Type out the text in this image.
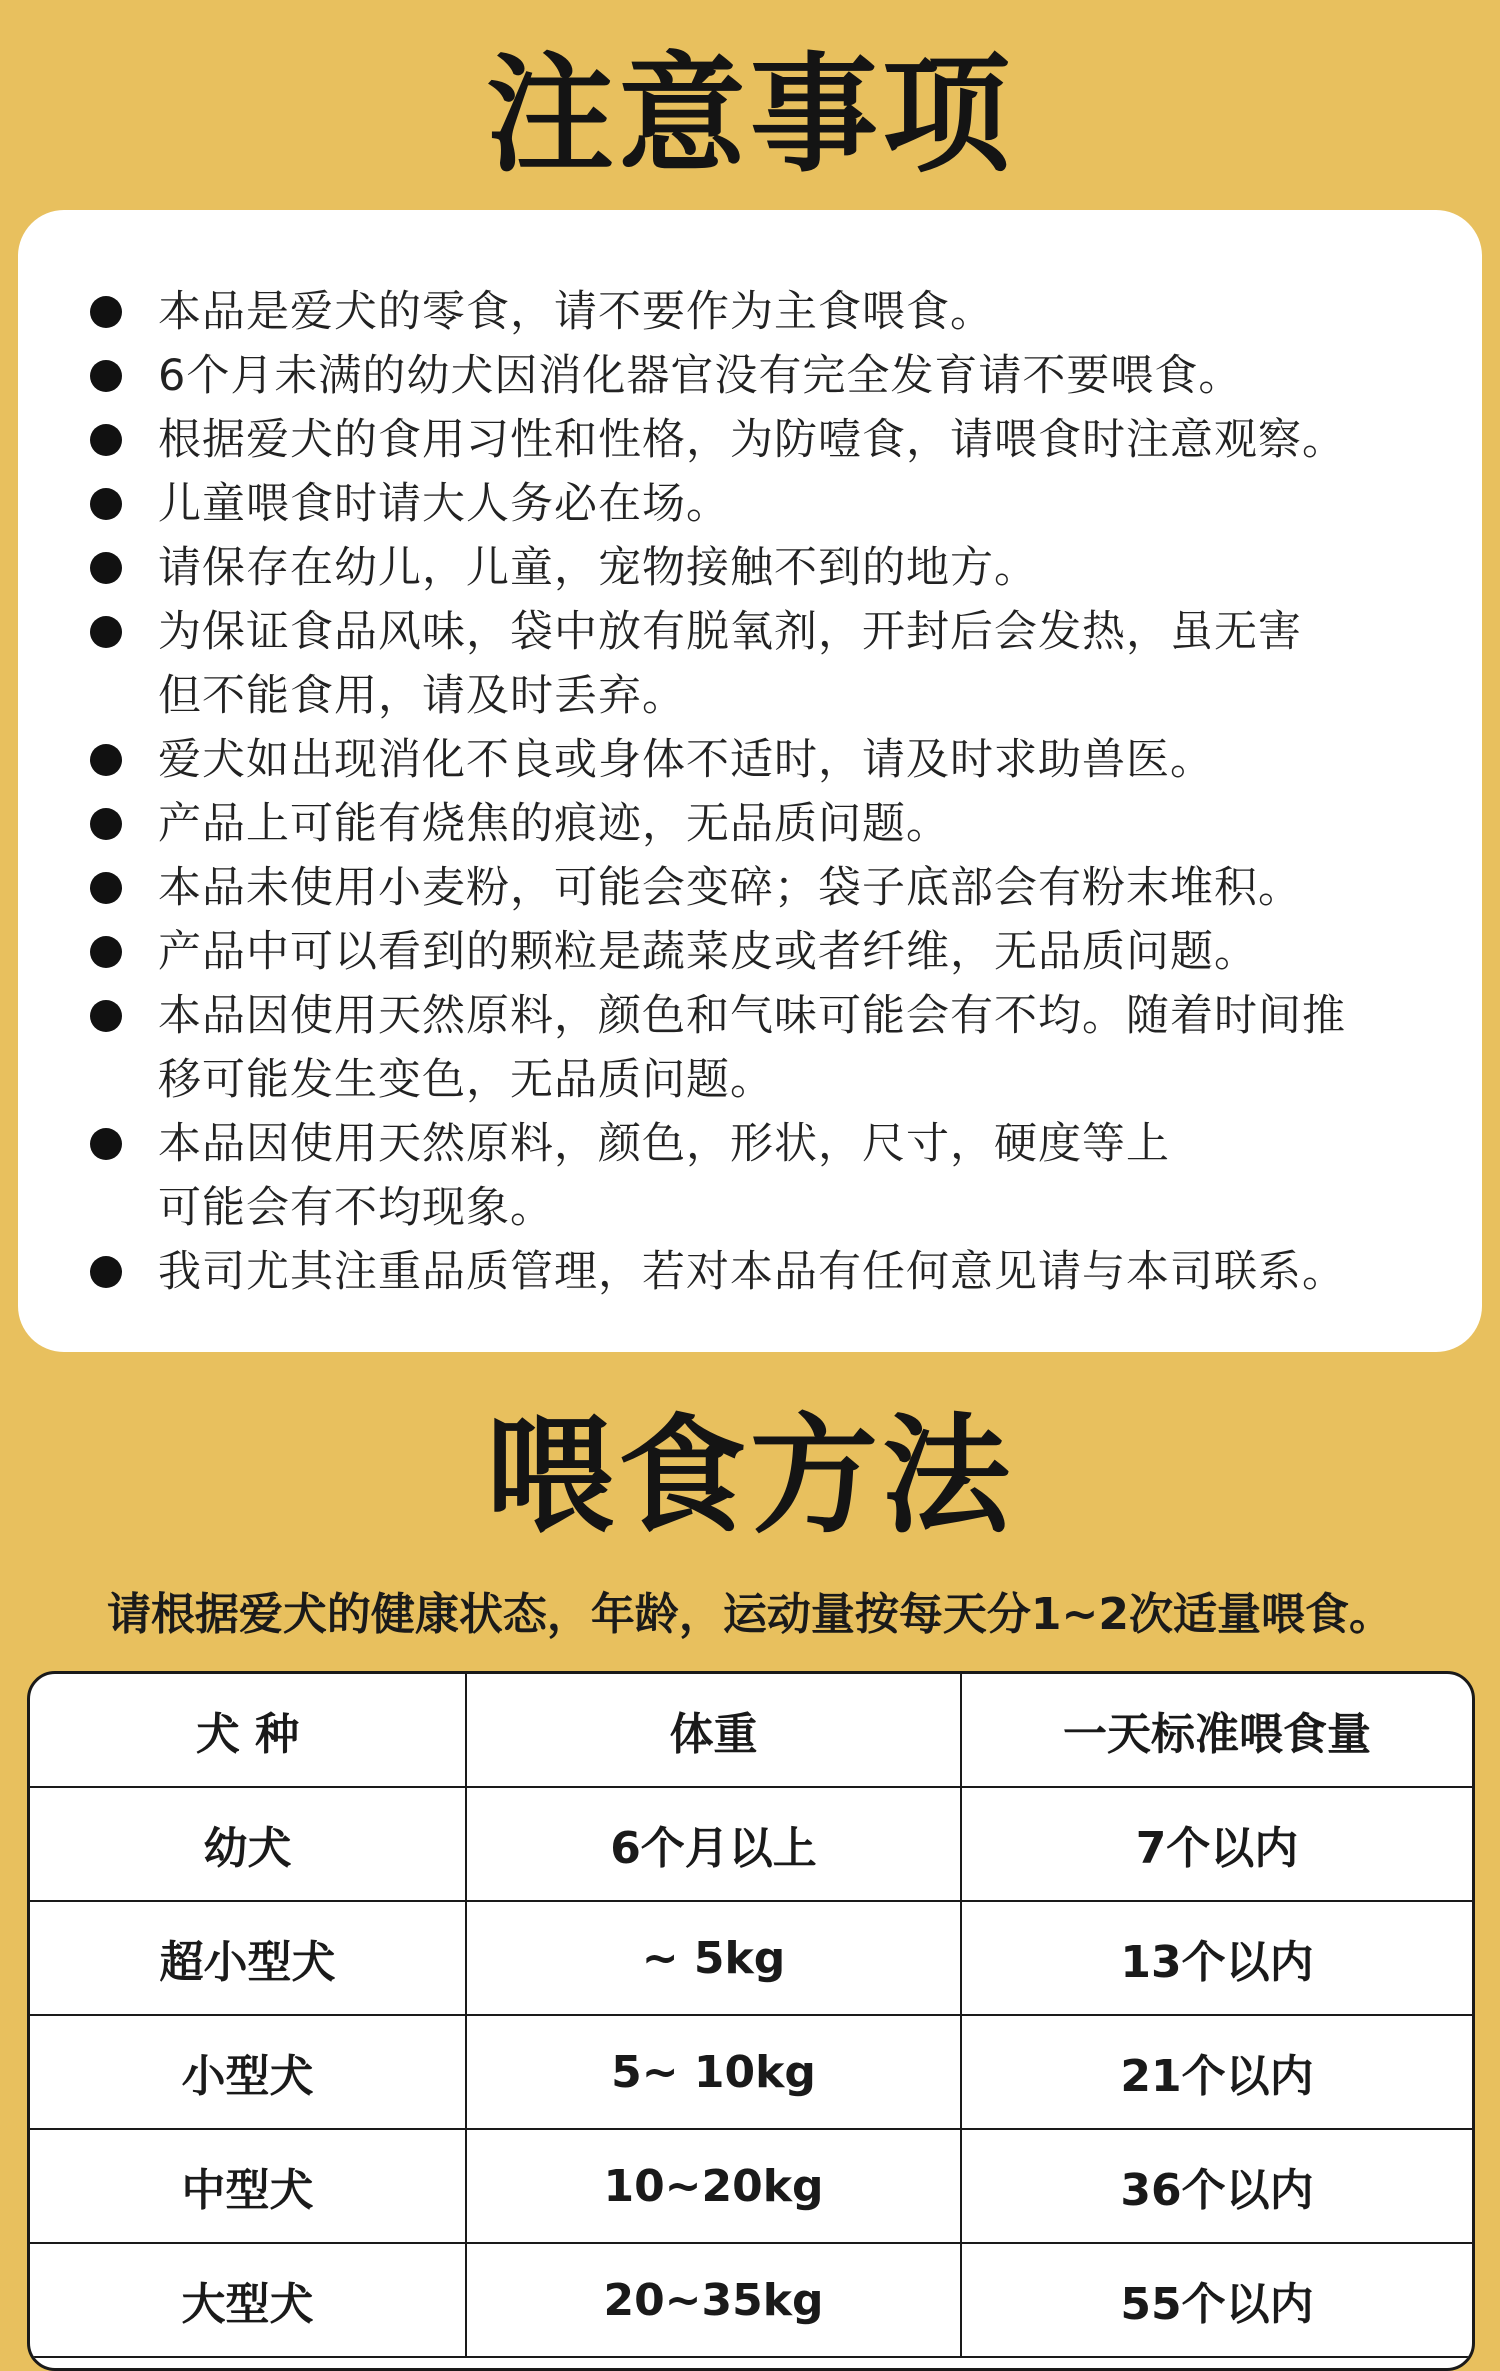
注意事项
本品是爱犬的零食，请不要作为主食喂食。
6个月未满的幼犬因消化器官没有完全发育请不要喂食。
根据爱犬的食用习性和性格，为防噎食，请喂食时注意观察。
儿童喂食时请大人务必在场。
请保存在幼儿，儿童，宠物接触不到的地方。
为保证食品风味，袋中放有脱氧剂，开封后会发热，虽无害
但不能食用，请及时丢弃。
爱犬如出现消化不良或身体不适时，请及时求助兽医。
产品上可能有烧焦的痕迹，无品质问题。
本品未使用小麦粉，可能会变碎；袋子底部会有粉末堆积。
产品中可以看到的颗粒是蔬菜皮或者纤维，无品质问题。
本品因使用天然原料，颜色和气味可能会有不均。随着时间推
移可能发生变色，无品质问题。
本品因使用天然原料，颜色，形状，尺寸，硬度等上
可能会有不均现象。
我司尤其注重品质管理，若对本品有任何意见请与本司联系。
喂食方法
请根据爱犬的健康状态，年龄，运动量按每天分1~2次适量喂食。
犬 种	体重	一天标准喂食量
幼犬	6个月以上	7个以内
超小型犬	~ 5kg	13个以内
小型犬	5~ 10kg	21个以内
中型犬	10~20kg	36个以内
大型犬	20~35kg	55个以内
